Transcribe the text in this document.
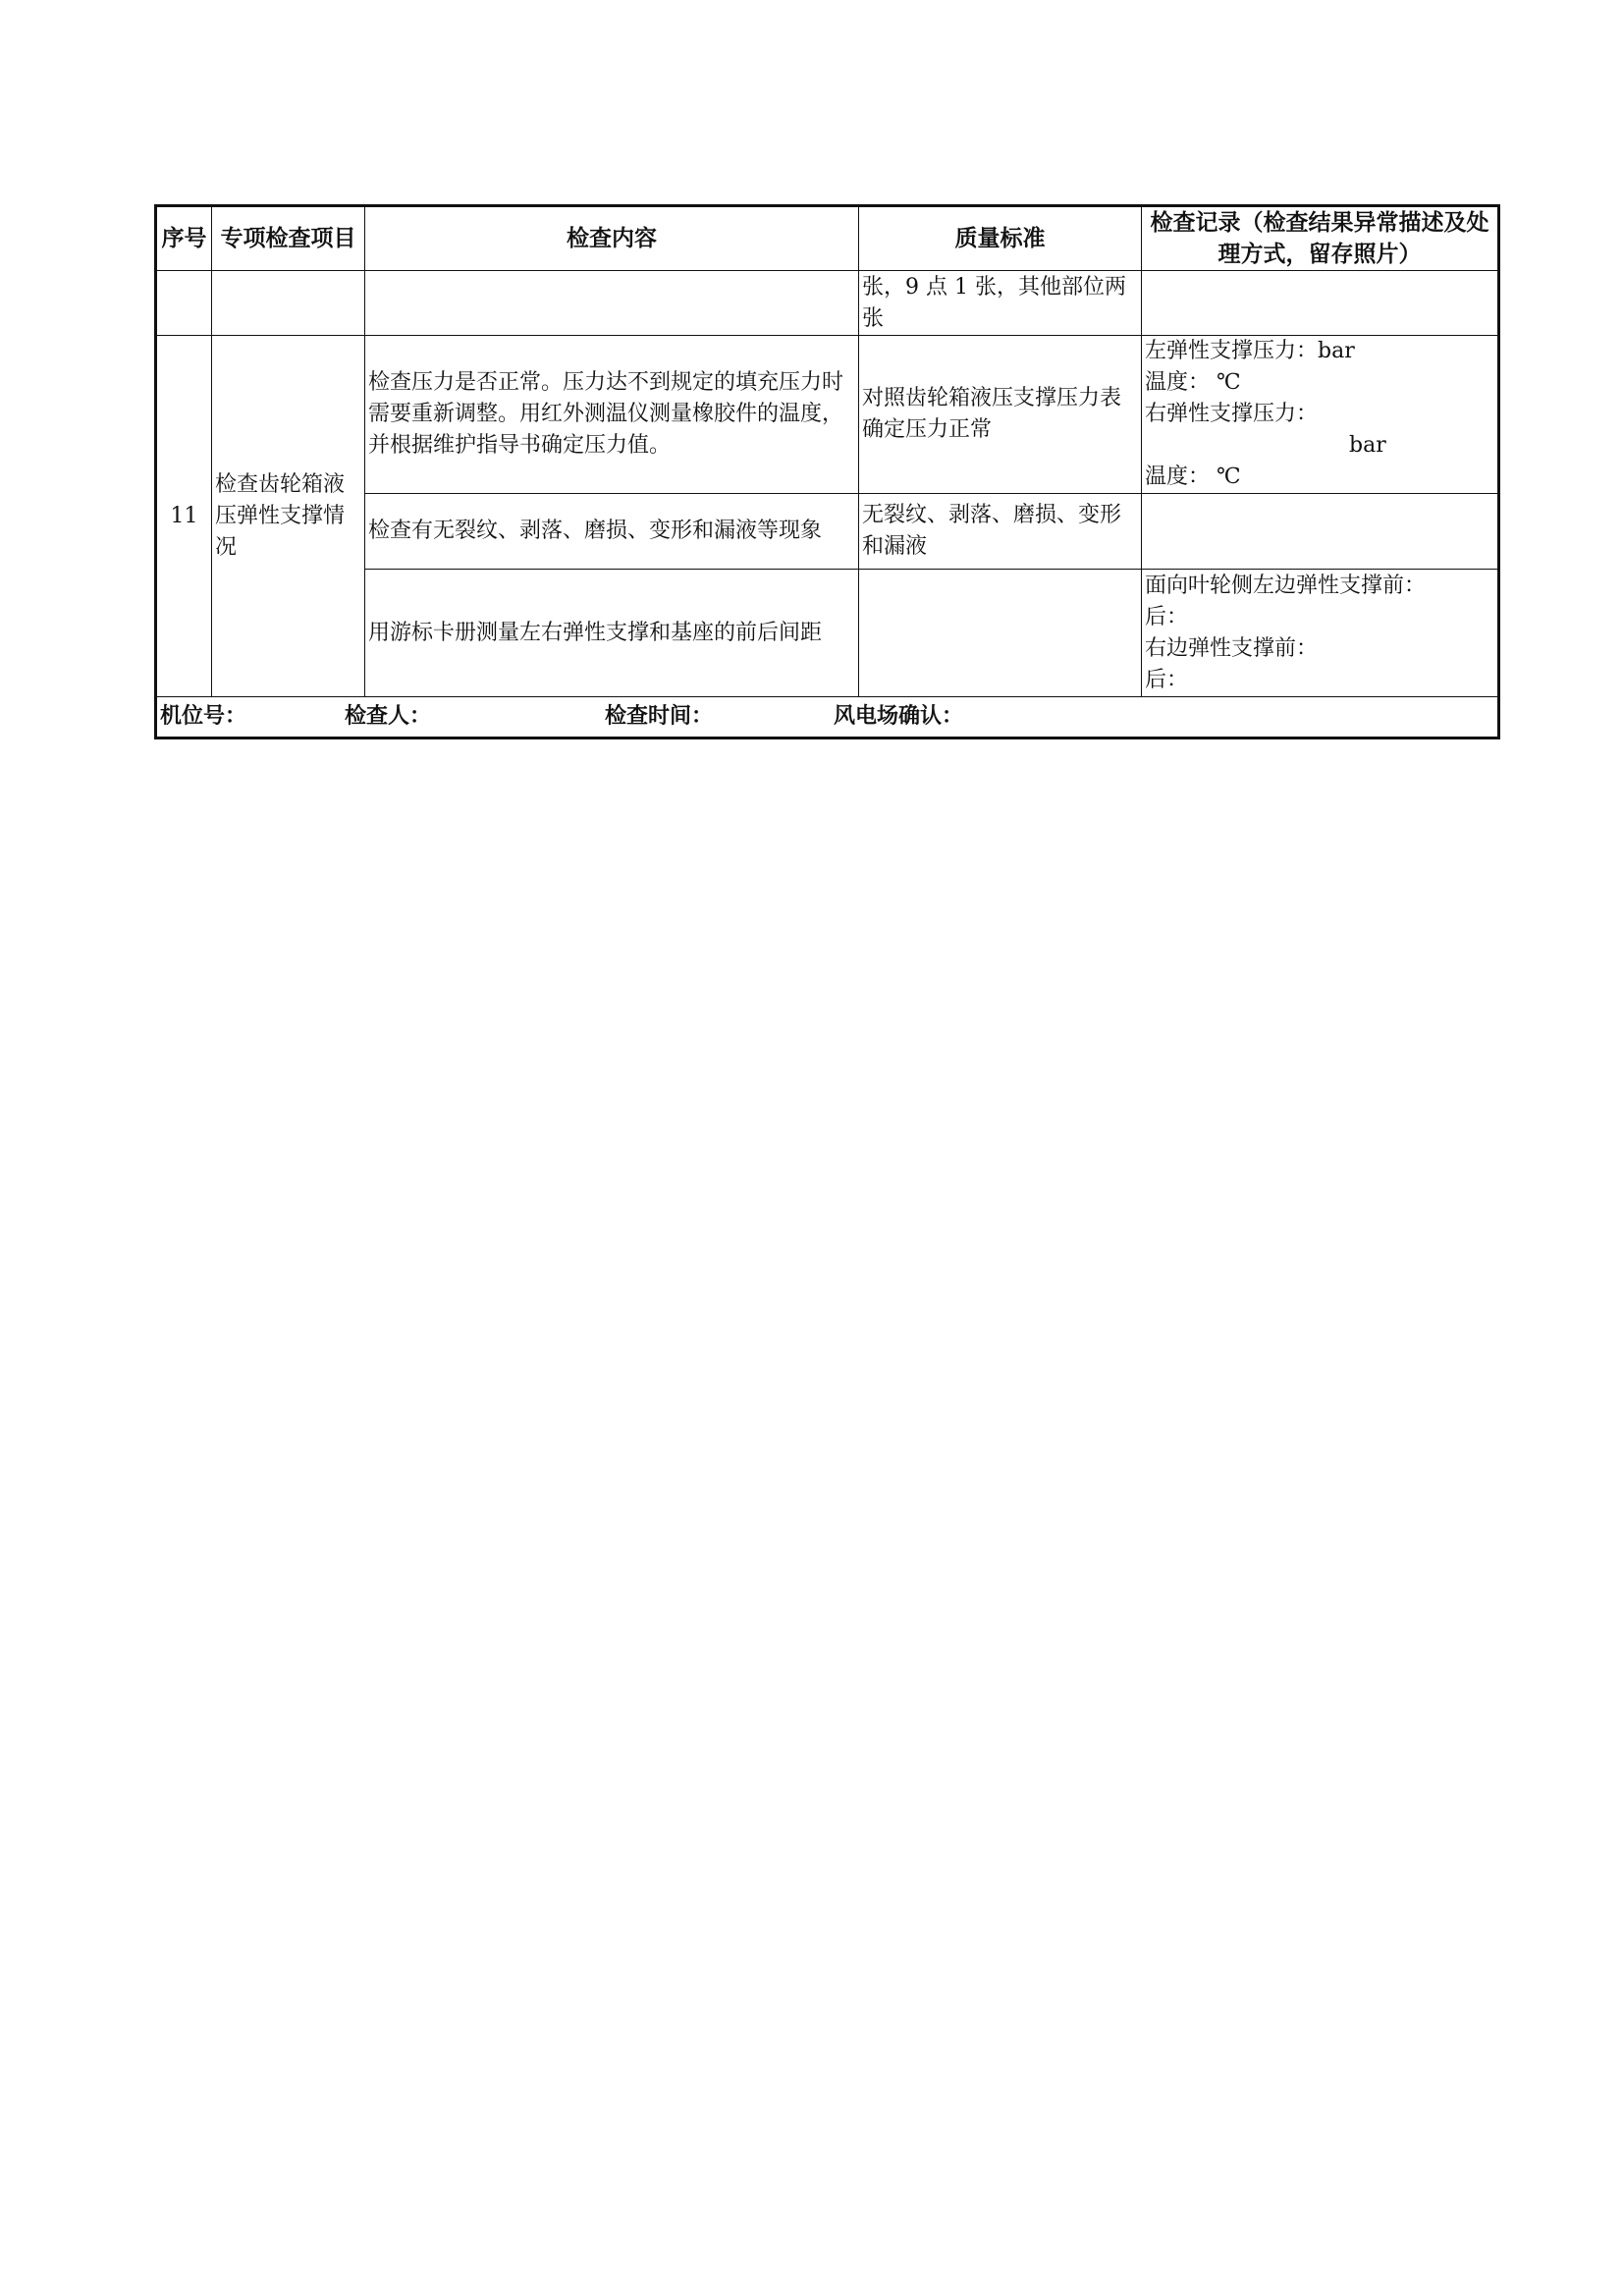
序号	专项检查项目	检查内容	质量标准	检查记录（检查结果异常描述及处理方式，留存照片）
			张，9 点 1 张，其他部位两张	
11	检查齿轮箱液压弹性支撑情况	检查压力是否正常。压力达不到规定的填充压力时需要重新调整。用红外测温仪测量橡胶件的温度，并根据维护指导书确定压力值。	对照齿轮箱液压支撑压力表确定压力正常	左弹性支撑压力：bar
温度： ℃
右弹性支撑压力：
bar
温度： ℃

		检查有无裂纹、剥落、磨损、变形和漏液等现象	无裂纹、剥落、磨损、变形和漏液	
		用游标卡册测量左右弹性支撑和基座的前后间距		面向叶轮侧左边弹性支撑前：
后：
右边弹性支撑前：
后：

机位号： 检查人： 检查时间： 风电场确认：				
